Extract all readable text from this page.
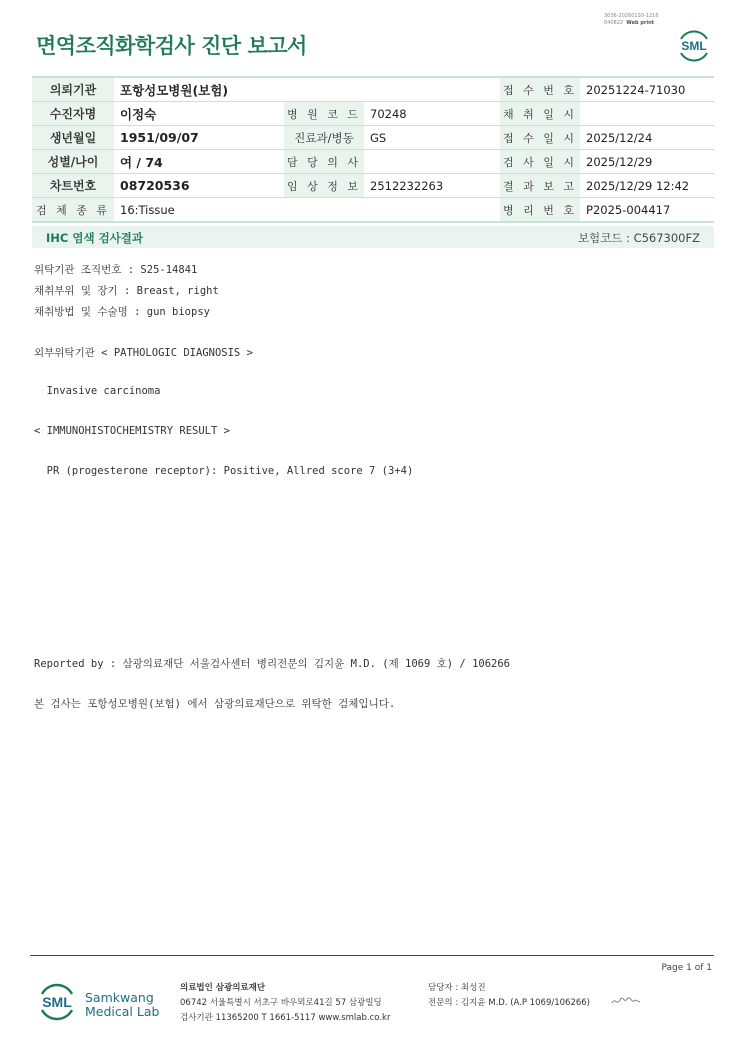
면역조직화학검사 진단 보고서
3036-20260130-1216
040822 Web print
SML
의뢰기관	포항성모병원(보험)			접 수 번 호	20251224-71030
수진자명	이정숙	병 원 코 드	70248	채 취 일 시	
생년월일	1951/09/07	진료과/병동	GS	접 수 일 시	2025/12/24
성별/나이	여 / 74	담 당 의 사		검 사 일 시	2025/12/29
차트번호	08720536	임 상 정 보	2512232263	결 과 보 고	2025/12/29 12:42
검 체 종 류	16:Tissue			병 리 번 호	P2025-004417
IHC 염색 검사결과	보험코드 : C567300FZ
위탁기관 조직번호 : S25-14841
채취부위 및 장기 : Breast, right
채취방법 및 수술명 : gun biopsy
외부위탁기관 < PATHOLOGIC DIAGNOSIS >
Invasive carcinoma
< IMMUNOHISTOCHEMISTRY RESULT >
PR (progesterone receptor): Positive, Allred score 7 (3+4)
Reported by : 삼광의료재단 서울검사센터 병리전문의 김지윤 M.D. (제 1069 호) / 106266
본 검사는 포항성모병원(보험) 에서 삼광의료재단으로 위탁한 검체입니다.
Page 1 of 1
SML Samkwang
Medical Lab
의료법인 삼광의료재단
06742 서울특별시 서초구 바우뫼로41길 57 삼광빌딩
검사기관 11365200 T 1661-5117 www.smlab.co.kr
담당자 : 최성진
전문의 : 김지윤 M.D. (A.P 1069/106266)
